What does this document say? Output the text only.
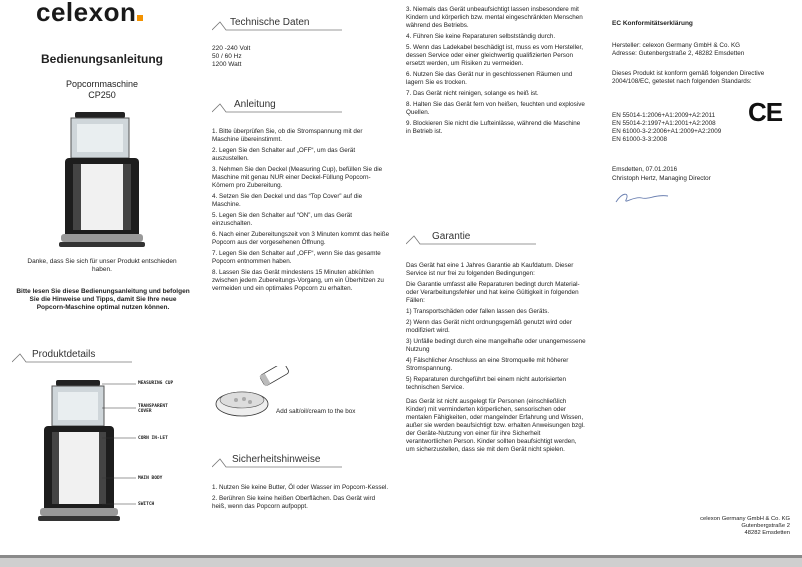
celexon
Bedienungsanleitung
Popcornmaschine
CP250
Danke, dass Sie sich für unser Produkt entschieden haben.
Bitte lesen Sie diese Bedienungsanleitung und befolgen Sie die Hinweise und Tipps, damit Sie Ihre neue Popcorn-Maschine optimal nutzen können.
Produktdetails
MEASURING CUP
TRANSPARENT COVER
CORN IN-LET
MAIN BODY
SWITCH
Technische Daten
220 -240 Volt
50 / 60 Hz
1200 Watt
Anleitung

1. Bitte überprüfen Sie, ob die Stromspannung mit der Maschine übereinstimmt.

2. Legen Sie den Schalter auf „OFF“, um das Gerät auszustellen.

3. Nehmen Sie den Deckel (Measuring Cup), befüllen Sie die Maschine mit genau NUR einer Deckel-Füllung Popcorn-Körnern pro Zubereitung.

4. Setzen Sie den Deckel und das “Top Cover” auf die Maschine.

5. Legen Sie den Schalter auf “ON”, um das Gerät einzuschalten.

6. Nach einer Zubereitungszeit von 3 Minuten kommt das heiße Popcorn aus der vorgesehenen Öffnung.

7. Legen Sie den Schalter auf „OFF“, wenn Sie das gesamte Popcorn entnommen haben.

8. Lassen Sie das Gerät mindestens 15 Minuten abkühlen zwischen jedem Zubereitungs-Vorgang, um ein Überhitzen zu vermeiden und ein optimales Popcorn zu erhalten.

Add salt/oil/cream to the box
Sicherheitshinweise

1. Nutzen Sie keine Butter, Öl oder Wasser im Popcorn-Kessel.

2. Berühren Sie keine heißen Oberflächen. Das Gerät wird heiß, wenn das Popcorn aufpoppt.

3. Niemals das Gerät unbeaufsichtigt lassen insbesondere mit Kindern und körperlich bzw. mental eingeschränkten Menschen während des Betriebs.

4. Führen Sie keine Reparaturen selbstständig durch.

5. Wenn das Ladekabel beschädigt ist, muss es vom Hersteller, dessen Service oder einer gleichwertig qualifizierten Person ersetzt werden, um Risiken zu vermeiden.

6. Nutzen Sie das Gerät nur in geschlossenen Räumen und lagern Sie es trocken.

7. Das Gerät nicht reinigen, solange es heiß ist.

8. Halten Sie das Gerät fern von heißen, feuchten und explosive Quellen.

9. Blockieren Sie nicht die Lufteinlässe, während die Maschine in Betrieb ist.

Garantie

Das Gerät hat eine 1 Jahres Garantie ab Kaufdatum. Dieser Service ist nur frei zu folgenden Bedingungen:

Die Garantie umfasst alle Reparaturen bedingt durch Material- oder Verarbeitungsfehler und hat keine Gültigkeit in folgenden Fällen:

1) Transportschäden oder fallen lassen des Geräts.

2) Wenn das Gerät nicht ordnungsgemäß genutzt wird oder modifiziert wird.

3) Unfälle bedingt durch eine mangelhafte oder unangemessene Nutzung

4) Fälschlicher Anschluss an eine Stromquelle mit höherer Stromspannung.

5) Reparaturen durchgeführt bei einem nicht autorisierten technischen Service.

Das Gerät ist nicht ausgelegt für Personen (einschließlich Kinder) mit verminderten körperlichen, sensorischen oder mentalen Fähigkeiten, oder mangelnder Erfahrung und Wissen, außer sie werden beaufsichtigt bzw. erhalten Anweisungen bzgl. der Geräte-Nutzung von einer für ihre Sicherheit verantwortlichen Person. Kinder sollten beaufsichtigt werden, um sicherzustellen, dass sie mit dem Gerät nicht spielen.

EC Konformitätserklärung
Hersteller: celexon Germany GmbH & Co. KG
Adresse: Gutenbergstraße 2, 48282 Emsdetten
Dieses Produkt ist konform gemäß folgenden Directive 2004/108/EC, getestet nach folgenden Standards:
EN 55014-1:2006+A1:2009+A2:2011
EN 55014-2:1997+A1:2001+A2:2008
EN 61000-3-2:2006+A1:2009+A2:2009
EN 61000-3-3:2008
CE
Emsdetten, 07.01.2016
Christoph Hertz, Managing Director
celexon Germany GmbH & Co. KG
Gutenbergstraße 2
48282 Emsdetten
